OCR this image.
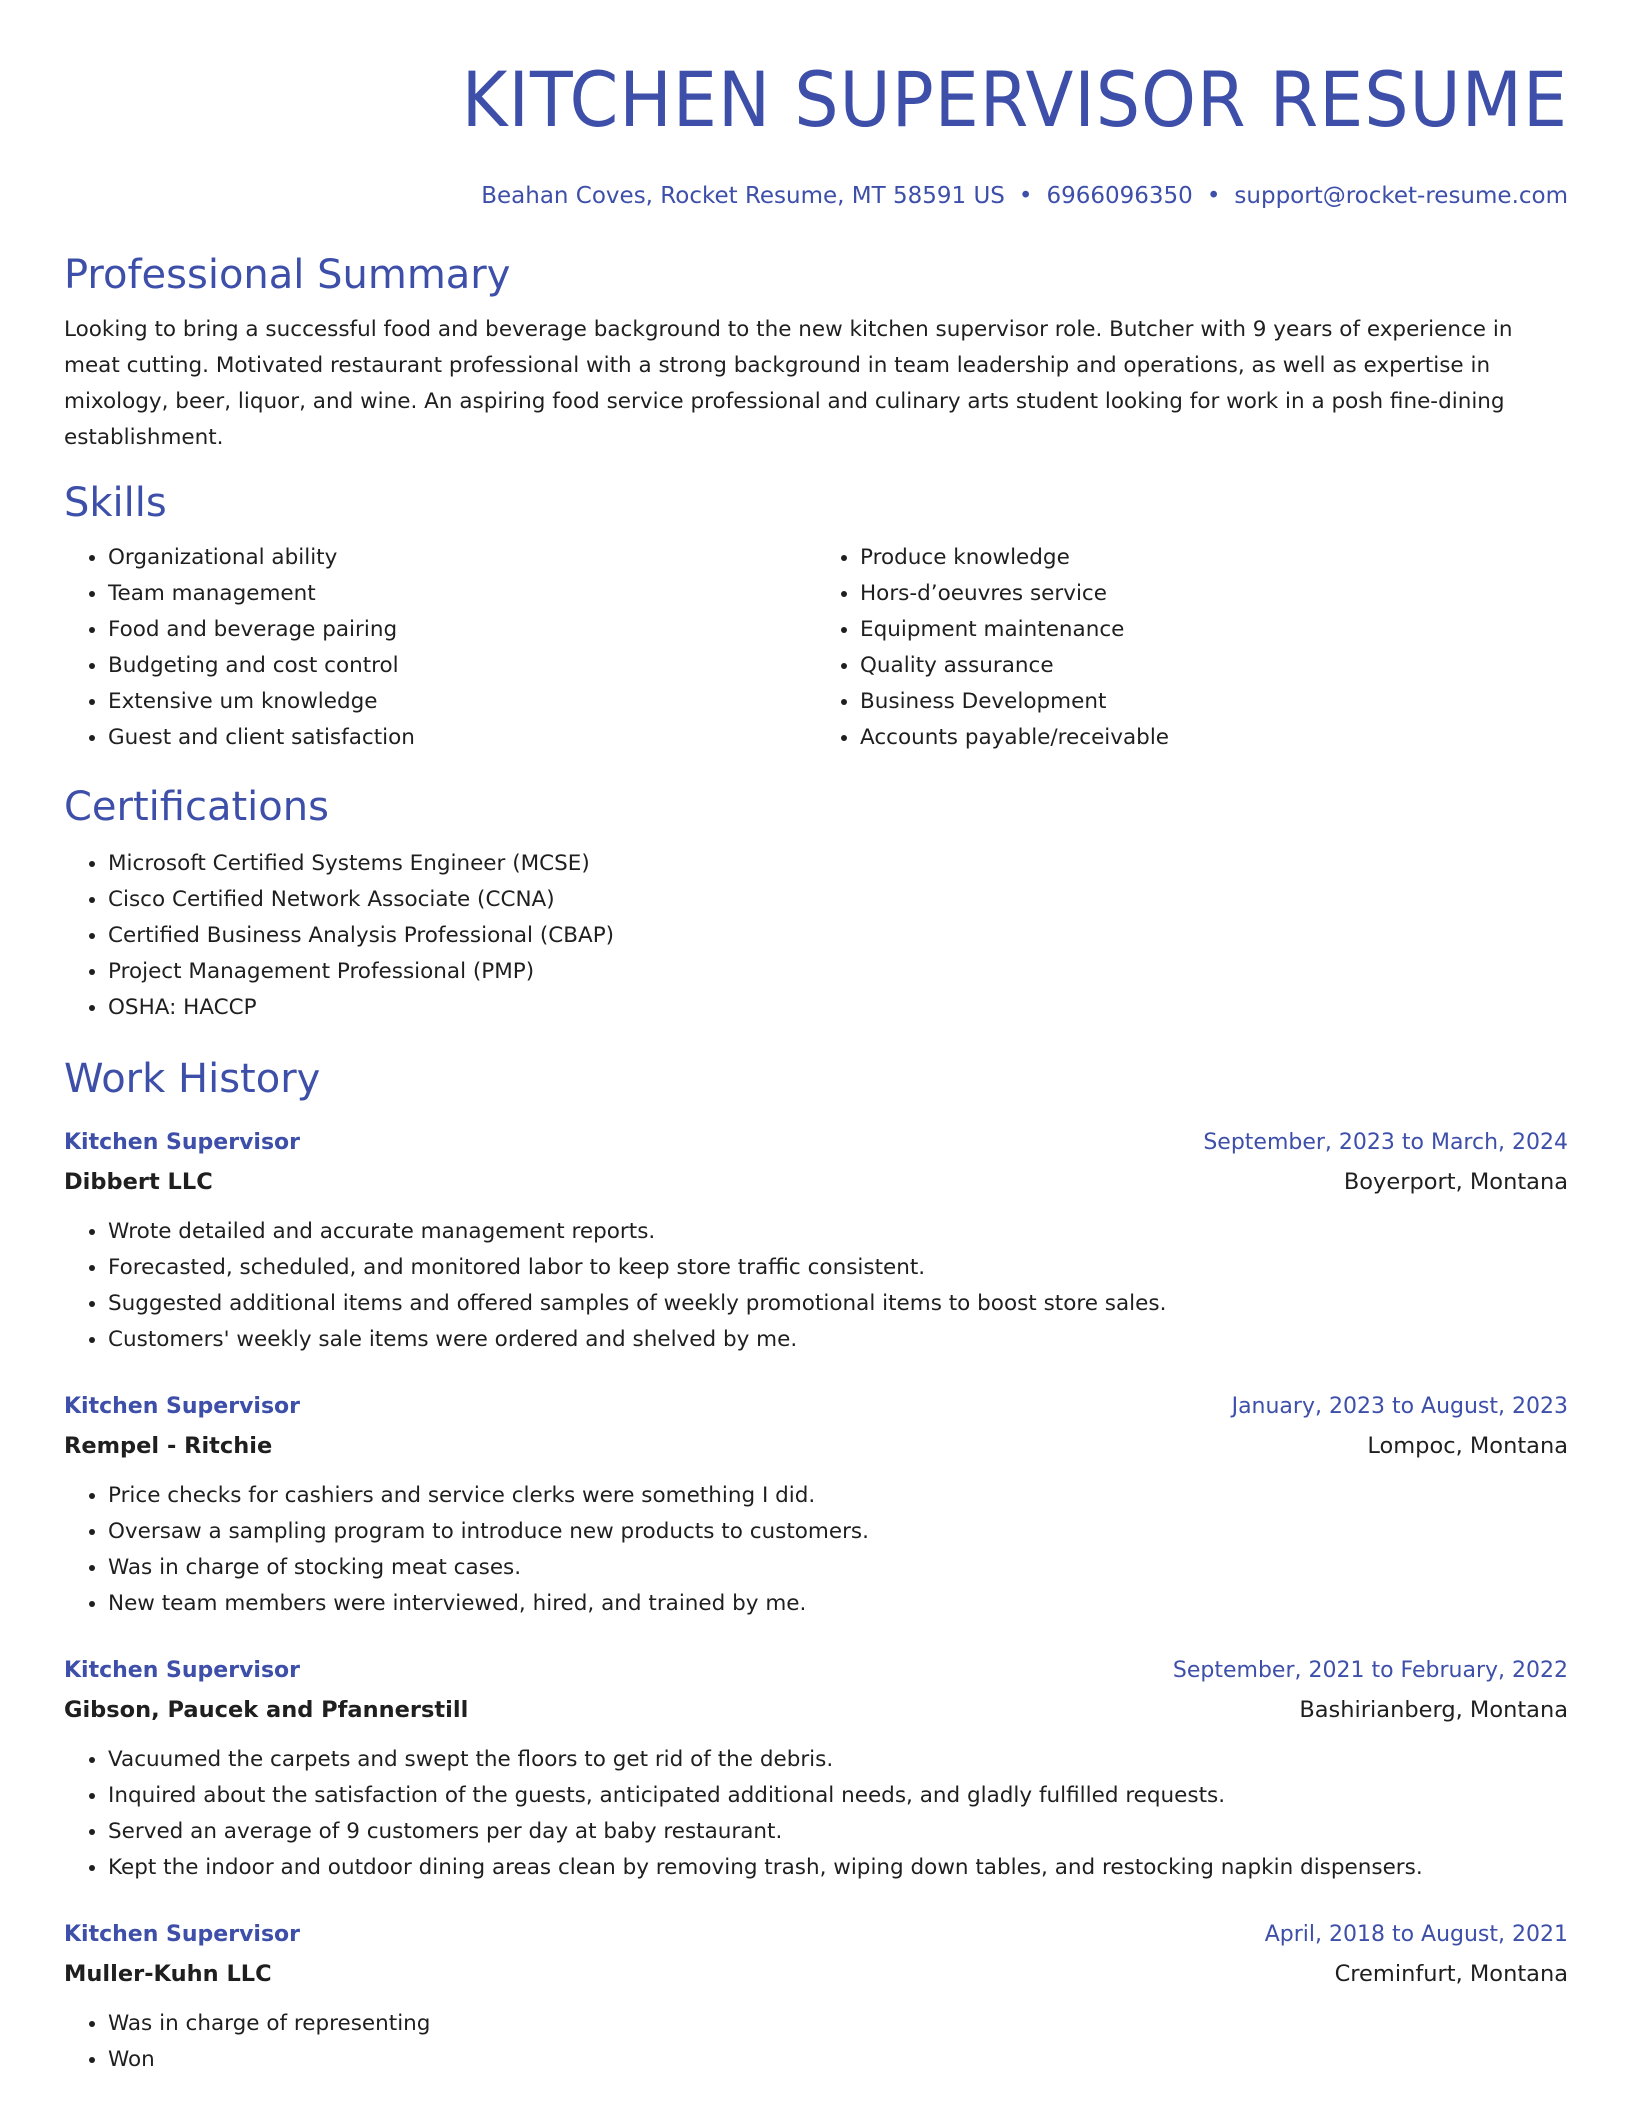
KITCHEN SUPERVISOR RESUME
Beahan Coves, Rocket Resume, MT 58591 US • 6966096350 • support@rocket-resume.com
Professional Summary

Looking to bring a successful food and beverage background to the new kitchen supervisor role. Butcher with 9 years of experience in meat cutting. Motivated restaurant professional with a strong background in team leadership and operations, as well as expertise in mixology, beer, liquor, and wine. An aspiring food service professional and culinary arts student looking for work in a posh fine-dining establishment.

Skills
• Organizational ability
• Team management
• Food and beverage pairing
• Budgeting and cost control
• Extensive um knowledge
• Guest and client satisfaction
• Produce knowledge
• Hors-d’oeuvres service
• Equipment maintenance
• Quality assurance
• Business Development
• Accounts payable/receivable
Certifications
• Microsoft Certified Systems Engineer (MCSE)
• Cisco Certified Network Associate (CCNA)
• Certified Business Analysis Professional (CBAP)
• Project Management Professional (PMP)
• OSHA: HACCP
Work History
Kitchen Supervisor	September, 2023 to March, 2024
Dibbert LLC	Boyerport, Montana
• Wrote detailed and accurate management reports.
• Forecasted, scheduled, and monitored labor to keep store traffic consistent.
• Suggested additional items and offered samples of weekly promotional items to boost store sales.
• Customers' weekly sale items were ordered and shelved by me.
Kitchen Supervisor	January, 2023 to August, 2023
Rempel - Ritchie	Lompoc, Montana
• Price checks for cashiers and service clerks were something I did.
• Oversaw a sampling program to introduce new products to customers.
• Was in charge of stocking meat cases.
• New team members were interviewed, hired, and trained by me.
Kitchen Supervisor	September, 2021 to February, 2022
Gibson, Paucek and Pfannerstill	Bashirianberg, Montana
• Vacuumed the carpets and swept the floors to get rid of the debris.
• Inquired about the satisfaction of the guests, anticipated additional needs, and gladly fulfilled requests.
• Served an average of 9 customers per day at baby restaurant.
• Kept the indoor and outdoor dining areas clean by removing trash, wiping down tables, and restocking napkin dispensers.
Kitchen Supervisor	April, 2018 to August, 2021
Muller-Kuhn LLC	Creminfurt, Montana
• Was in charge of representing
• Won
